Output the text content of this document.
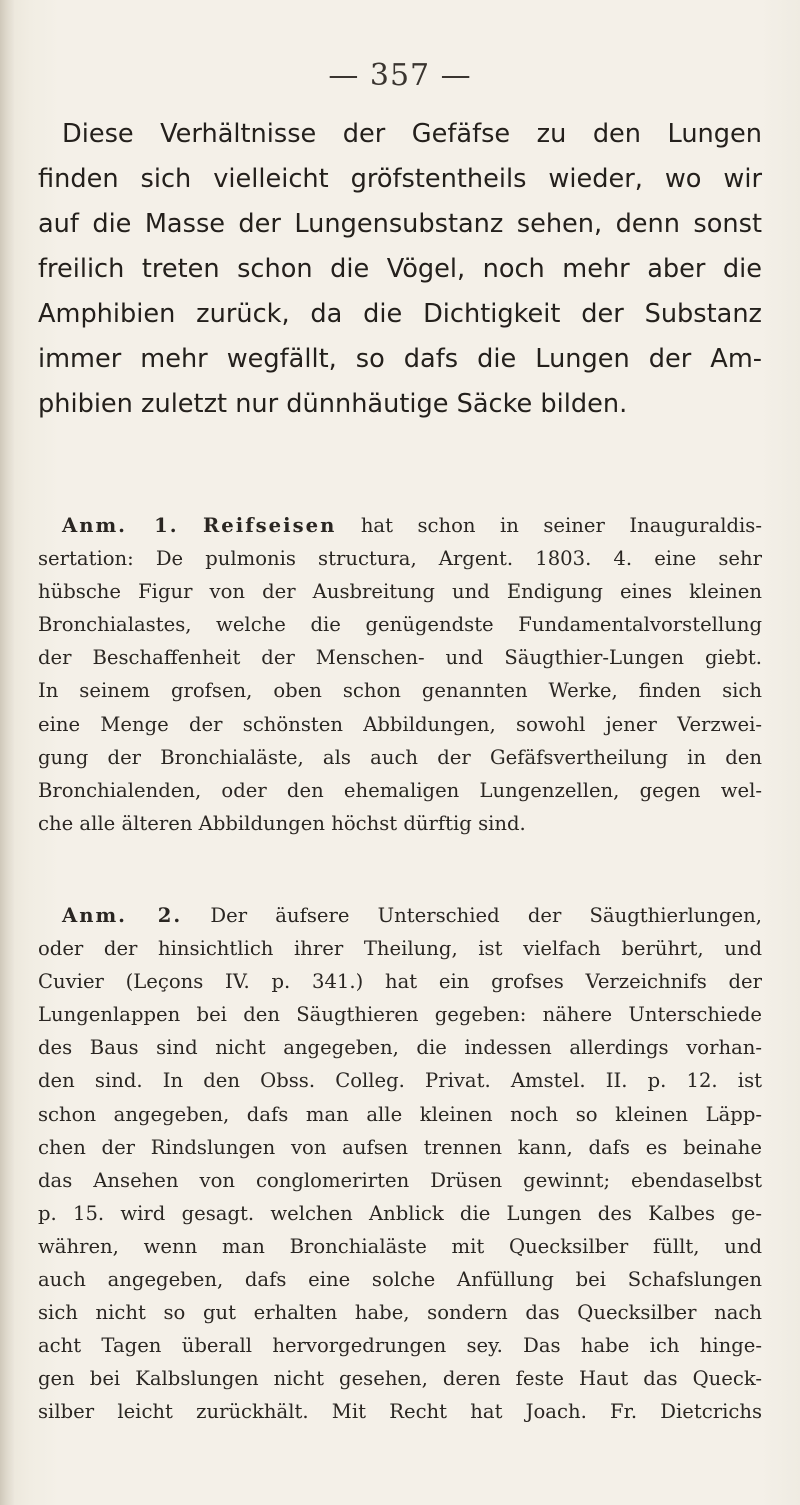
— 357 —
Diese Verhältnisse der Gefäfse zu den Lungen
finden sich vielleicht gröfstentheils wieder, wo wir
auf die Masse der Lungensubstanz sehen, denn sonst
freilich treten schon die Vögel, noch mehr aber die
Amphibien zurück, da die Dichtigkeit der Substanz
immer mehr wegfällt, so dafs die Lungen der Am-
phibien zuletzt nur dünnhäutige Säcke bilden.
Anm. 1. Reifseisen hat schon in seiner Inauguraldis-
sertation: De pulmonis structura, Argent. 1803. 4. eine sehr
hübsche Figur von der Ausbreitung und Endigung eines kleinen
Bronchialastes, welche die genügendste Fundamentalvorstellung
der Beschaffenheit der Menschen- und Säugthier-Lungen giebt.
In seinem grofsen, oben schon genannten Werke, finden sich
eine Menge der schönsten Abbildungen, sowohl jener Verzwei-
gung der Bronchialäste, als auch der Gefäfsvertheilung in den
Bronchialenden, oder den ehemaligen Lungenzellen, gegen wel-
che alle älteren Abbildungen höchst dürftig sind.
Anm. 2. Der äufsere Unterschied der Säugthierlungen,
oder der hinsichtlich ihrer Theilung, ist vielfach berührt, und
Cuvier (Leçons IV. p. 341.) hat ein grofses Verzeichnifs der
Lungenlappen bei den Säugthieren gegeben: nähere Unterschiede
des Baus sind nicht angegeben, die indessen allerdings vorhan-
den sind. In den Obss. Colleg. Privat. Amstel. II. p. 12. ist
schon angegeben, dafs man alle kleinen noch so kleinen Läpp-
chen der Rindslungen von aufsen trennen kann, dafs es beinahe
das Ansehen von conglomerirten Drüsen gewinnt; ebendaselbst
p. 15. wird gesagt. welchen Anblick die Lungen des Kalbes ge-
währen, wenn man Bronchialäste mit Quecksilber füllt, und
auch angegeben, dafs eine solche Anfüllung bei Schafslungen
sich nicht so gut erhalten habe, sondern das Quecksilber nach
acht Tagen überall hervorgedrungen sey. Das habe ich hinge-
gen bei Kalbslungen nicht gesehen, deren feste Haut das Queck-
silber leicht zurückhält. Mit Recht hat Joach. Fr. Dietcrichs
